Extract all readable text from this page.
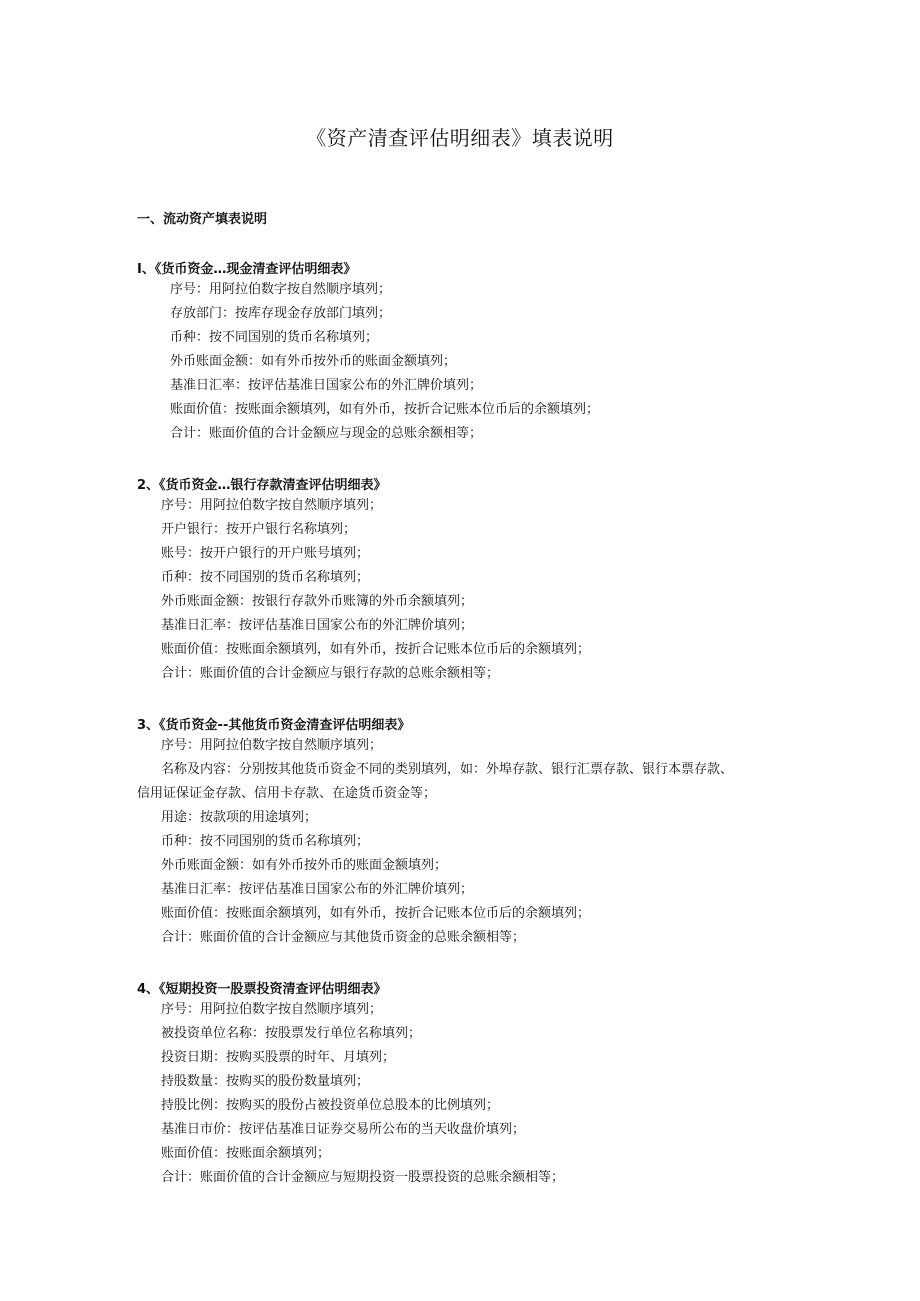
《资产清查评估明细表》填表说明
一、流动资产填表说明
I、《货币资金…现金清查评估明细表》
序号：用阿拉伯数字按自然顺序填列；
存放部门：按库存现金存放部门填列；
币种：按不同国别的货币名称填列；
外币账面金额：如有外币按外币的账面金额填列；
基准日汇率：按评估基准日国家公布的外汇牌价填列；
账面价值：按账面余额填列，如有外币，按折合记账本位币后的余额填列；
合计：账面价值的合计金额应与现金的总账余额相等；
2、《货币资金…银行存款清查评估明细表》
序号：用阿拉伯数字按自然顺序填列；
开户银行：按开户银行名称填列；
账号：按开户银行的开户账号填列；
币种：按不同国别的货币名称填列；
外币账面金额：按银行存款外币账簿的外币余额填列；
基准日汇率：按评估基准日国家公布的外汇牌价填列；
账面价值：按账面余额填列，如有外币，按折合记账本位币后的余额填列；
合计：账面价值的合计金额应与银行存款的总账余额相等；
3、《货币资金--其他货币资金清查评估明细表》
序号：用阿拉伯数字按自然顺序填列；
名称及内容：分别按其他货币资金不同的类别填列，如：外埠存款、银行汇票存款、银行本票存款、
信用证保证金存款、信用卡存款、在途货币资金等；
用途：按款项的用途填列；
币种：按不同国别的货币名称填列；
外币账面金额：如有外币按外币的账面金额填列；
基准日汇率：按评估基准日国家公布的外汇牌价填列；
账面价值：按账面余额填列，如有外币，按折合记账本位币后的余额填列；
合计：账面价值的合计金额应与其他货币资金的总账余额相等；
4、《短期投资一股票投资清查评估明细表》
序号：用阿拉伯数字按自然顺序填列；
被投资单位名称：按股票发行单位名称填列；
投资日期：按购买股票的时年、月填列；
持股数量：按购买的股份数量填列；
持股比例：按购买的股份占被投资单位总股本的比例填列；
基准日市价：按评估基准日证券交易所公布的当天收盘价填列；
账面价值：按账面余额填列；
合计：账面价值的合计金额应与短期投资一股票投资的总账余额相等；
